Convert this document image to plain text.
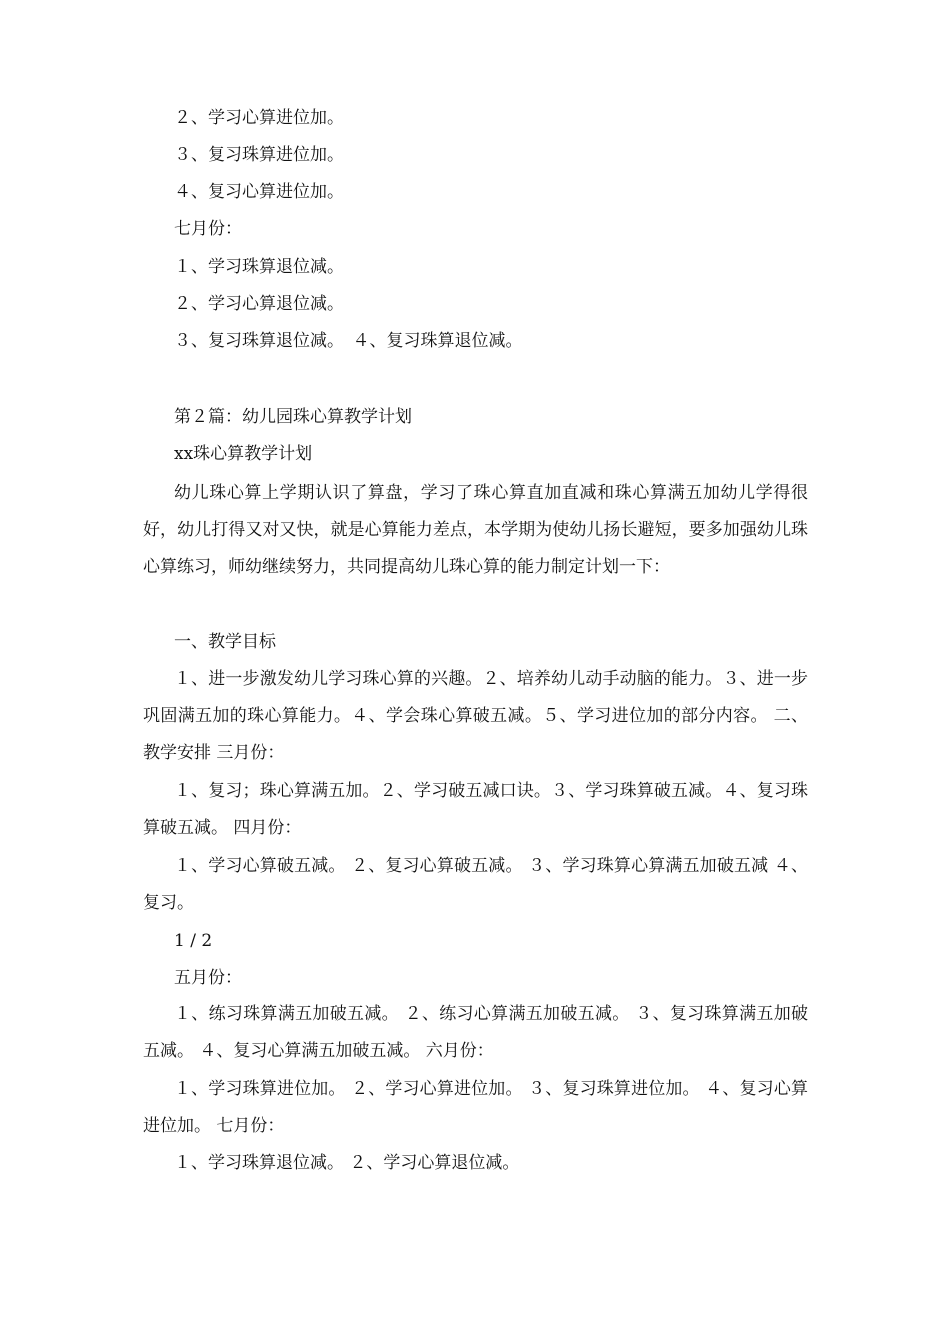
２、学习心算进位加。
３、复习珠算进位加。
４、复习心算进位加。
七月份：
１、学习珠算退位减。
２、学习心算退位减。
３、复习珠算退位减。　４、复习珠算退位减。
第２篇：幼儿园珠心算教学计划
xx珠心算教学计划
幼儿珠心算上学期认识了算盘，学习了珠心算直加直减和珠心算满五加幼儿学得很好，幼儿打得又对又快，就是心算能力差点，本学期为使幼儿扬长避短，要多加强幼儿珠心算练习，师幼继续努力，共同提高幼儿珠心算的能力制定计划一下：
一、教学目标
１、进一步激发幼儿学习珠心算的兴趣。２、培养幼儿动手动脑的能力。３、进一步巩固满五加的珠心算能力。４、学会珠心算破五减。５、学习进位加的部分内容。 二、教学安排 三月份：
１、复习；珠心算满五加。２、学习破五减口诀。３、学习珠算破五减。４、复习珠算破五减。 四月份：
１、学习心算破五减。 ２、复习心算破五减。 ３、学习珠算心算满五加破五减 ４、复习。
1 / 2
五月份：
１、练习珠算满五加破五减。 ２、练习心算满五加破五减。 ３、复习珠算满五加破五减。 ４、复习心算满五加破五减。 六月份：
１、学习珠算进位加。 ２、学习心算进位加。 ３、复习珠算进位加。 ４、复习心算进位加。 七月份：
１、学习珠算退位减。 ２、学习心算退位减。
